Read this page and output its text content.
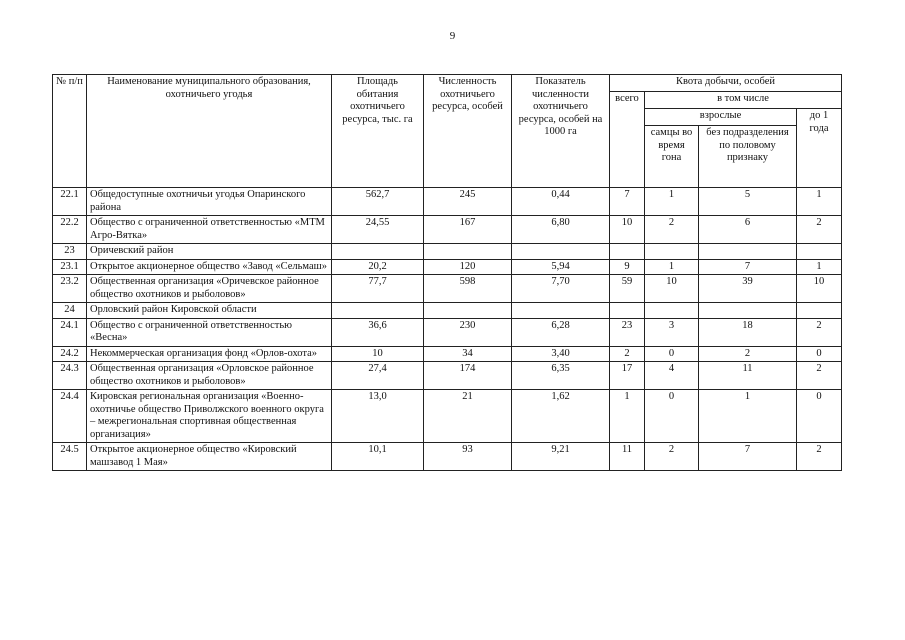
9
№ п/п	Наименование муниципального образования, охотничьего угодья	Площадь обитания охотничьего ресурса, тыс. га	Численность охотничьего ресурса, особей	Показатель численности охотничьего ресурса, особей на 1000 га	Квота добычи, особей			
					всего	в том числе		
						взрослые		до 1 года
						самцы во время гона	без подразделения по половому признаку	
22.1	Общедоступные охотничьи угодья Опаринского района	562,7	245	0,44	7	1	5	1
22.2	Общество с ограниченной ответственностью «МТМ Агро-Вятка»	24,55	167	6,80	10	2	6	2
23	Оричевский район							
23.1	Открытое акционерное общество «Завод «Сельмаш»	20,2	120	5,94	9	1	7	1
23.2	Общественная организация «Оричевское районное общество охотников и рыболовов»	77,7	598	7,70	59	10	39	10
24	Орловский район Кировской области							
24.1	Общество с ограниченной ответственностью «Весна»	36,6	230	6,28	23	3	18	2
24.2	Некоммерческая организация фонд «Орлов-охота»	10	34	3,40	2	0	2	0
24.3	Общественная организация «Орловское районное общество охотников и рыболовов»	27,4	174	6,35	17	4	11	2
24.4	Кировская региональная организация «Военно-охотничье общество Приволжского военного округа – межрегиональная спортивная общественная организация»	13,0	21	1,62	1	0	1	0
24.5	Открытое акционерное общество «Кировский машзавод 1 Мая»	10,1	93	9,21	11	2	7	2
